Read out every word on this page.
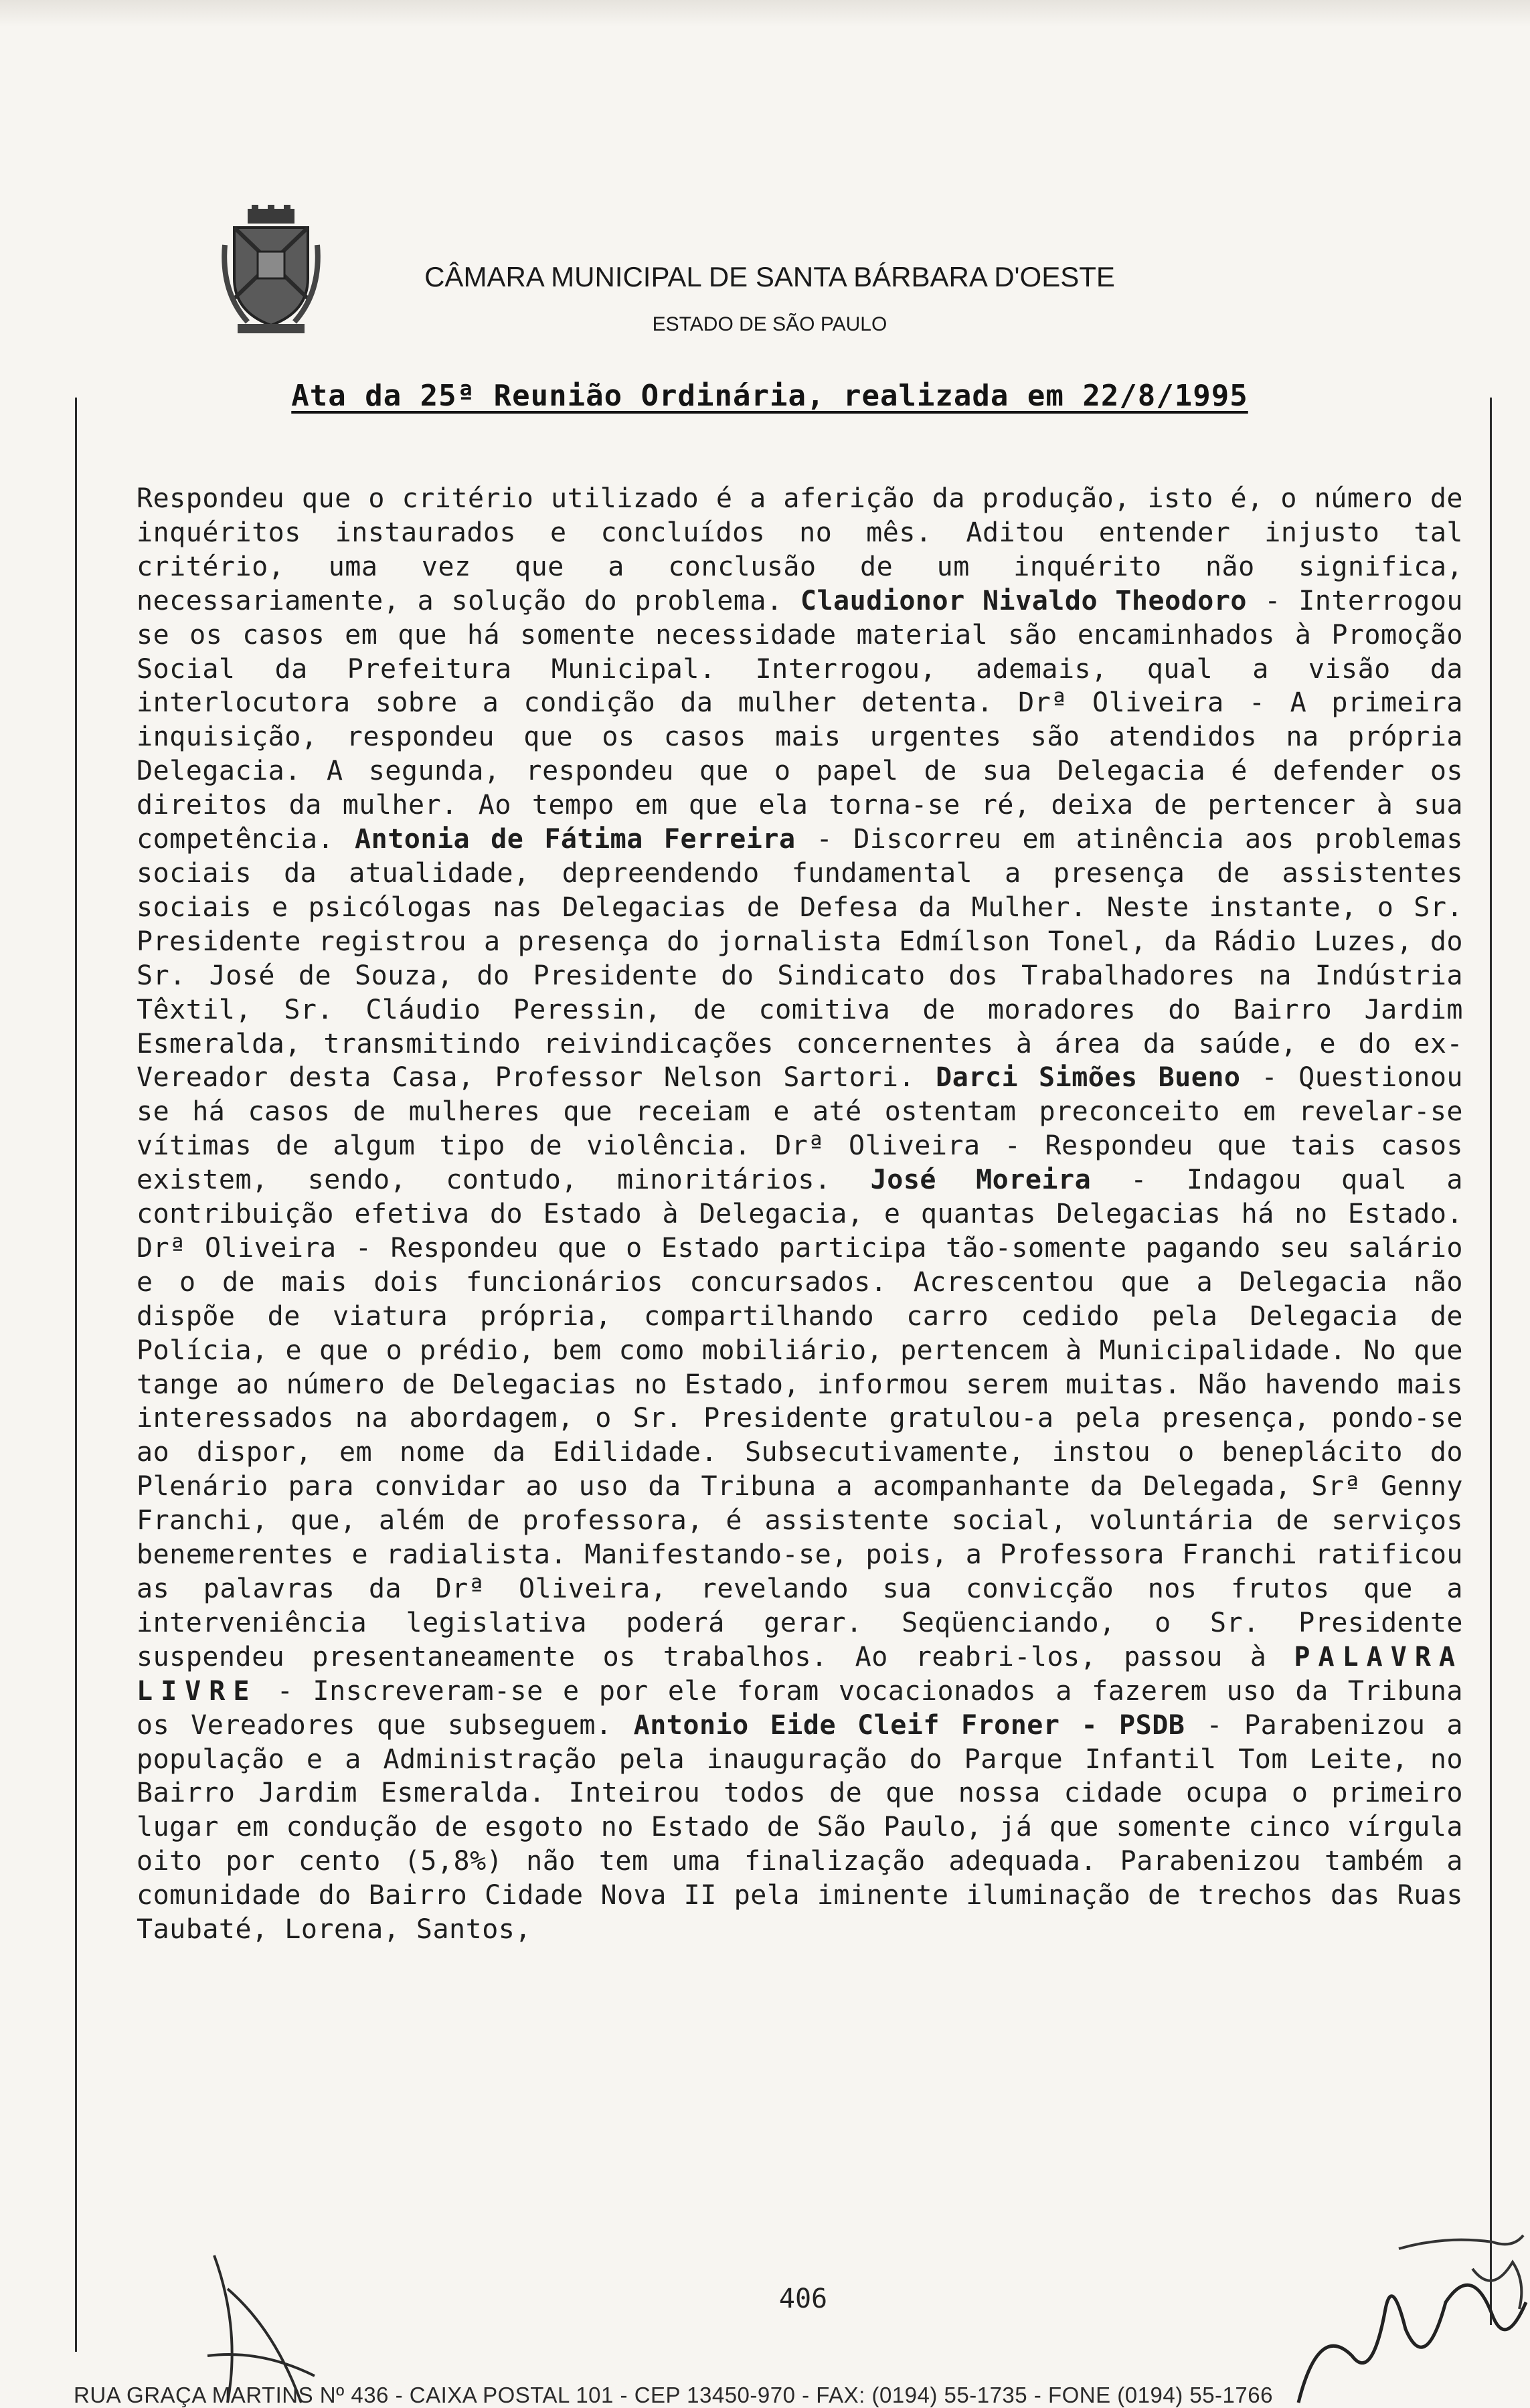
CÂMARA MUNICIPAL DE SANTA BÁRBARA D'OESTE
ESTADO DE SÃO PAULO
Ata da 25ª Reunião Ordinária, realizada em 22/8/1995

Respondeu que o critério utilizado é a aferição da produção, isto é, o número de inquéritos instaurados e concluídos no mês. Aditou entender injusto tal critério, uma vez que a conclusão de um inquérito não significa, necessariamente, a solução do problema. Claudionor Nivaldo Theodoro - Interrogou se os casos em que há somente necessidade material são encaminhados à Promoção Social da Prefeitura Municipal. Interrogou, ademais, qual a visão da interlocutora sobre a condição da mulher detenta. Drª Oliveira - A primeira inquisição, respondeu que os casos mais urgentes são atendidos na própria Delegacia. A segunda, respondeu que o papel de sua Delegacia é defender os direitos da mulher. Ao tempo em que ela torna-se ré, deixa de pertencer à sua competência. Antonia de Fátima Ferreira - Discorreu em atinência aos problemas sociais da atualidade, depreendendo fundamental a presença de assistentes sociais e psicólogas nas Delegacias de Defesa da Mulher. Neste instante, o Sr. Presidente registrou a presença do jornalista Edmílson Tonel, da Rádio Luzes, do Sr. José de Souza, do Presidente do Sindicato dos Trabalhadores na Indústria Têxtil, Sr. Cláudio Peressin, de comitiva de moradores do Bairro Jardim Esmeralda, transmitindo reivindicações concernentes à área da saúde, e do ex-Vereador desta Casa, Professor Nelson Sartori. Darci Simões Bueno - Questionou se há casos de mulheres que receiam e até ostentam preconceito em revelar-se vítimas de algum tipo de violência. Drª Oliveira - Respondeu que tais casos existem, sendo, contudo, minoritários. José Moreira - Indagou qual a contribuição efetiva do Estado à Delegacia, e quantas Delegacias há no Estado. Drª Oliveira - Respondeu que o Estado participa tão-somente pagando seu salário e o de mais dois funcionários concursados. Acrescentou que a Delegacia não dispõe de viatura própria, compartilhando carro cedido pela Delegacia de Polícia, e que o prédio, bem como mobiliário, pertencem à Municipalidade. No que tange ao número de Delegacias no Estado, informou serem muitas. Não havendo mais interessados na abordagem, o Sr. Presidente gratulou-a pela presença, pondo-se ao dispor, em nome da Edilidade. Subsecutivamente, instou o beneplácito do Plenário para convidar ao uso da Tribuna a acompanhante da Delegada, Srª Genny Franchi, que, além de professora, é assistente social, voluntária de serviços benemerentes e radialista. Manifestando-se, pois, a Professora Franchi ratificou as palavras da Drª Oliveira, revelando sua convicção nos frutos que a interveniência legislativa poderá gerar. Seqüenciando, o Sr. Presidente suspendeu presentaneamente os trabalhos. Ao reabri-los, passou à PALAVRA LIVRE - Inscreveram-se e por ele foram vocacionados a fazerem uso da Tribuna os Vereadores que subseguem. Antonio Eide Cleif Froner - PSDB - Parabenizou a população e a Administração pela inauguração do Parque Infantil Tom Leite, no Bairro Jardim Esmeralda. Inteirou todos de que nossa cidade ocupa o primeiro lugar em condução de esgoto no Estado de São Paulo, já que somente cinco vírgula oito por cento (5,8%) não tem uma finalização adequada. Parabenizou também a comunidade do Bairro Cidade Nova II pela iminente iluminação de trechos das Ruas Taubaté, Lorena, Santos,

406
RUA GRAÇA MARTINS Nº 436 - CAIXA POSTAL 101 - CEP 13450-970 - FAX: (0194) 55-1735 - FONE (0194) 55-1766
